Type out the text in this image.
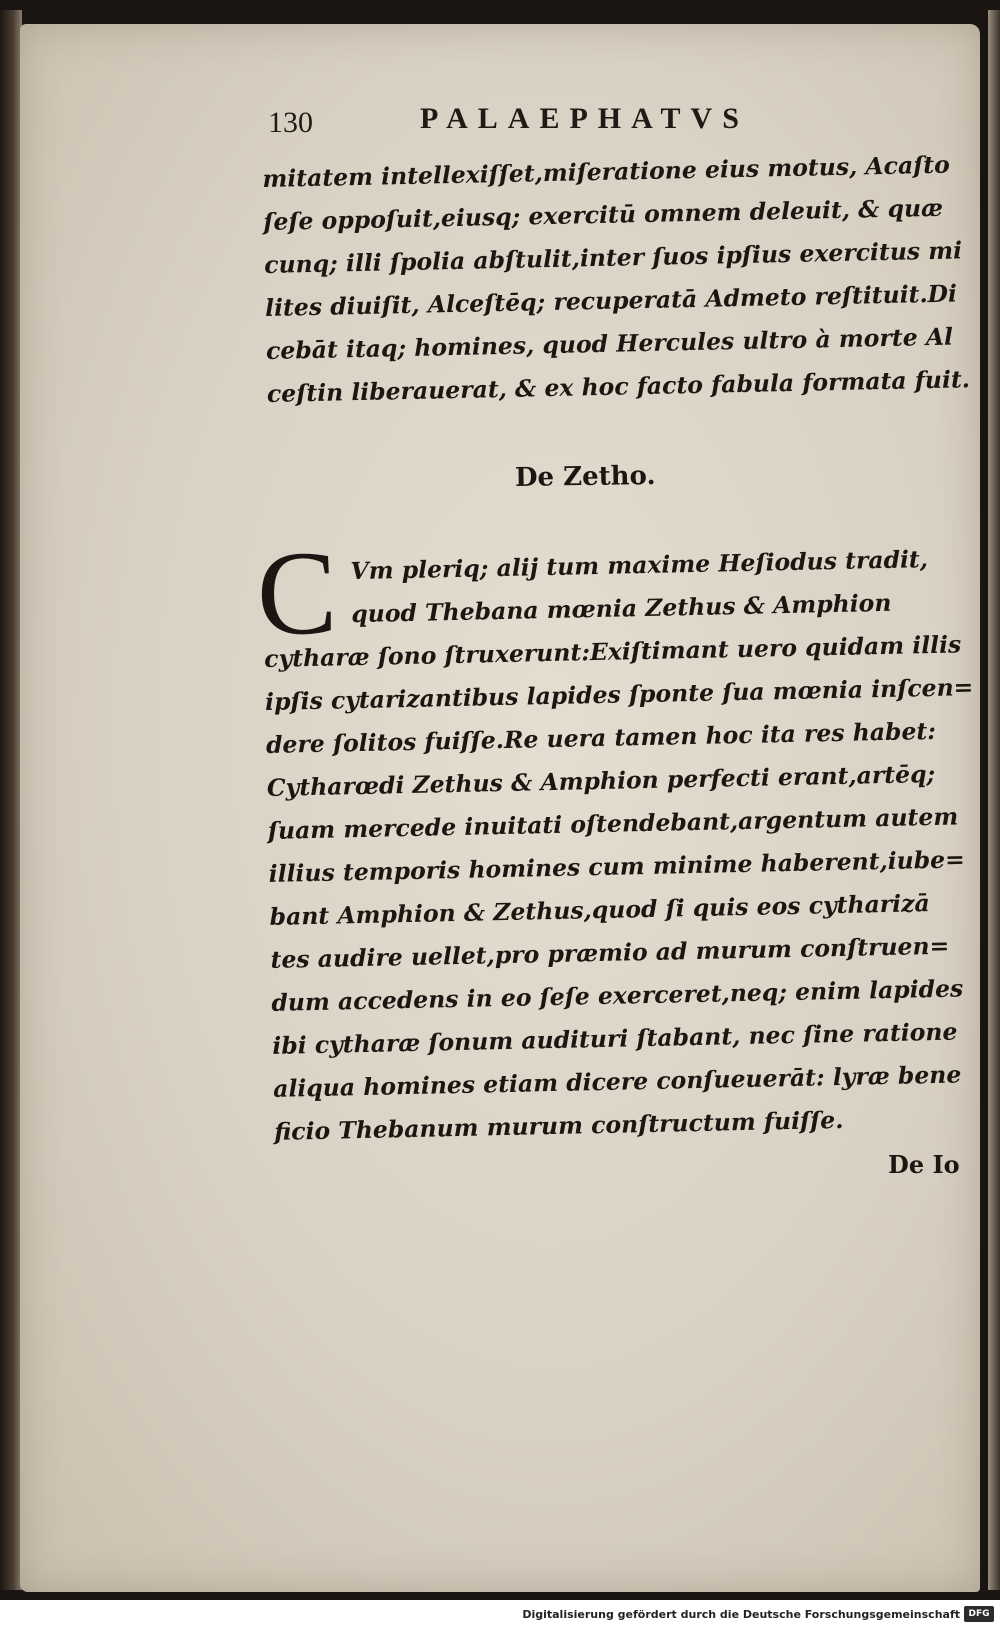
130	PALAEPHATVS
mitatem intellexiſſet,miſeratione eius motus, Acaſto
ſeſe oppoſuit,eiusq; exercitū omnem deleuit, & quæ
cunq; illi ſpolia abſtulit,inter ſuos ipſius exercitus mi
lites diuiſit, Alceſtēq; recuperatā Admeto reſtituit.Di
cebāt itaq; homines, quod Hercules ultro à morte Al
ceſtin liberauerat, & ex hoc facto fabula formata fuit.
De Zetho.
C Vm pleriq; alij tum maxime Heſiodus tradit,
quod Thebana mœnia Zethus & Amphion
cytharæ ſono ſtruxerunt:Exiſtimant uero quidam illis
ipſis cytarizantibus lapides ſponte ſua mœnia inſcen=
dere ſolitos fuiſſe.Re uera tamen hoc ita res habet:
Cytharœdi Zethus & Amphion perfecti erant,artēq;
ſuam mercede inuitati oſtendebant,argentum autem
illius temporis homines cum minime haberent,iube=
bant Amphion & Zethus,quod ſi quis eos cytharizā
tes audire uellet,pro præmio ad murum conſtruen=
dum accedens in eo ſeſe exerceret,neq; enim lapides
ibi cytharæ ſonum audituri ſtabant, nec ſine ratione
aliqua homines etiam dicere conſueuerāt: lyræ bene
ficio Thebanum murum conſtructum fuiſſe.
De Io
Digitalisierung gefördert durch die Deutsche Forschungsgemeinschaft DFG
